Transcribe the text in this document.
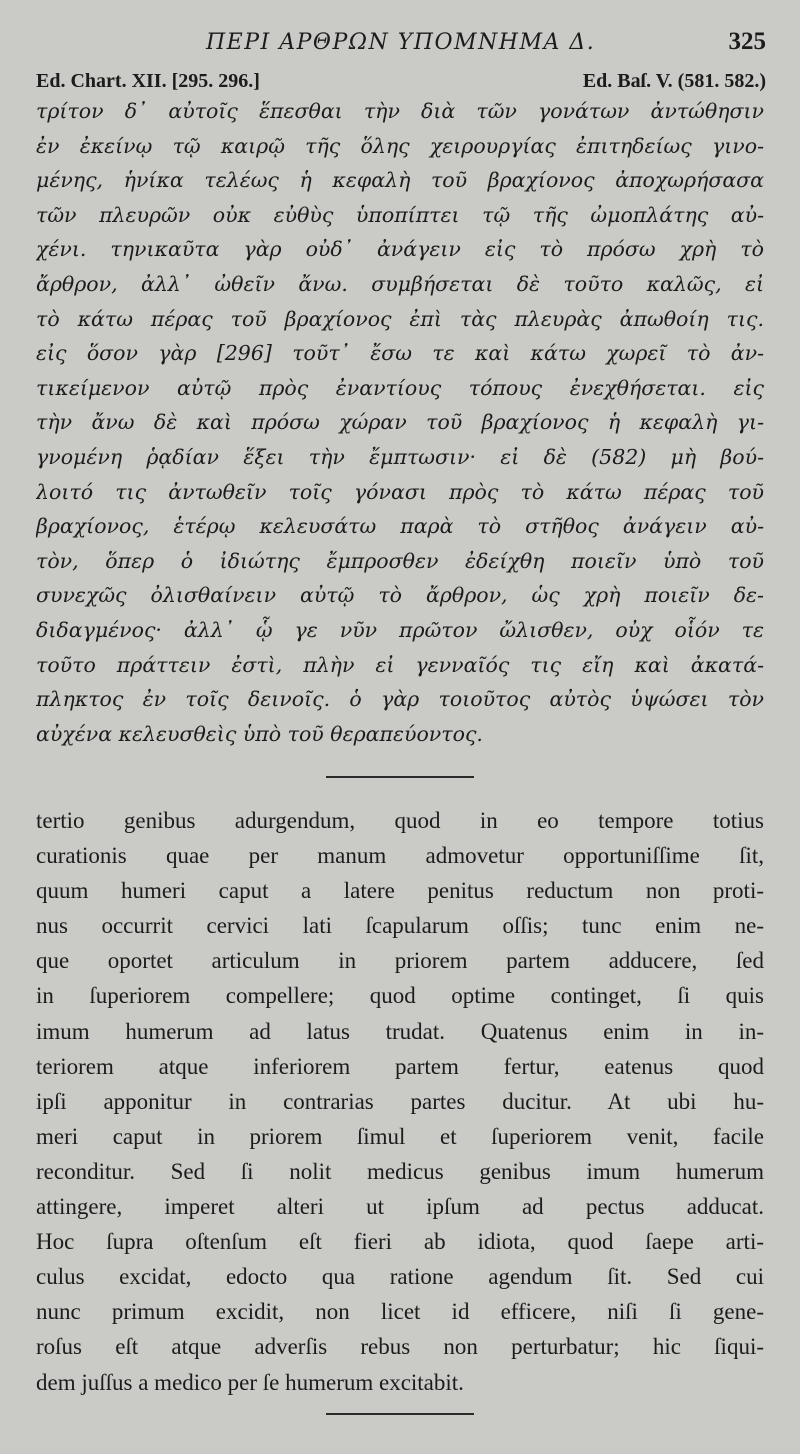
ΠΕΡΙ ΑΡΘΡΩΝ ΥΠΟΜΝΗΜΑ Δ.	325
Ed. Chart. XII. [295. 296.]	Ed. Baſ. V. (581. 582.)
τρίτον δ᾽ αὐτοῖς ἕπεσθαι τὴν διὰ τῶν γονάτων ἀντώθησιν
ἐν ἐκείνῳ τῷ καιρῷ τῆς ὅλης χειρουργίας ἐπιτηδείως γινο-
μένης, ἡνίκα τελέως ἡ κεφαλὴ τοῦ βραχίονος ἀποχωρήσασα
τῶν πλευρῶν οὐκ εὐθὺς ὑποπίπτει τῷ τῆς ὠμοπλάτης αὐ-
χένι. τηνικαῦτα γὰρ οὐδ᾽ ἀνάγειν εἰς τὸ πρόσω χρὴ τὸ
ἄρθρον, ἀλλ᾽ ὠθεῖν ἄνω. συμβήσεται δὲ τοῦτο καλῶς, εἰ
τὸ κάτω πέρας τοῦ βραχίονος ἐπὶ τὰς πλευρὰς ἀπωθοίη τις.
εἰς ὅσον γὰρ [296] τοῦτ᾽ ἔσω τε καὶ κάτω χωρεῖ τὸ ἀν-
τικείμενον αὐτῷ πρὸς ἐναντίους τόπους ἐνεχθήσεται. εἰς
τὴν ἄνω δὲ καὶ πρόσω χώραν τοῦ βραχίονος ἡ κεφαλὴ γι-
γνομένη ῥᾳδίαν ἕξει τὴν ἔμπτωσιν· εἰ δὲ (582) μὴ βού-
λοιτό τις ἀντωθεῖν τοῖς γόνασι πρὸς τὸ κάτω πέρας τοῦ
βραχίονος, ἑτέρῳ κελευσάτω παρὰ τὸ στῆθος ἀνάγειν αὐ-
τὸν, ὅπερ ὁ ἰδιώτης ἔμπροσθεν ἐδείχθη ποιεῖν ὑπὸ τοῦ
συνεχῶς ὀλισθαίνειν αὐτῷ τὸ ἄρθρον, ὡς χρὴ ποιεῖν δε-
διδαγμένος· ἀλλ᾽ ᾧ γε νῦν πρῶτον ὤλισθεν, οὐχ οἷόν τε
τοῦτο πράττειν ἐστὶ, πλὴν εἰ γενναῖός τις εἴη καὶ ἀκατά-
πληκτος ἐν τοῖς δεινοῖς. ὁ γὰρ τοιοῦτος αὐτὸς ὑψώσει τὸν
αὐχένα κελευσθεὶς ὑπὸ τοῦ θεραπεύοντος.
tertio genibus adurgendum, quod in eo tempore totius
curationis quae per manum admovetur opportuniſſime ſit,
quum humeri caput a latere penitus reductum non proti-
nus occurrit cervici lati ſcapularum oſſis; tunc enim ne-
que oportet articulum in priorem partem adducere, ſed
in ſuperiorem compellere; quod optime continget, ſi quis
imum humerum ad latus trudat. Quatenus enim in in-
teriorem atque inferiorem partem fertur, eatenus quod
ipſi apponitur in contrarias partes ducitur. At ubi hu-
meri caput in priorem ſimul et ſuperiorem venit, facile
reconditur. Sed ſi nolit medicus genibus imum humerum
attingere, imperet alteri ut ipſum ad pectus adducat.
Hoc ſupra oſtenſum eſt fieri ab idiota, quod ſaepe arti-
culus excidat, edocto qua ratione agendum ſit. Sed cui
nunc primum excidit, non licet id efficere, niſi ſi gene-
roſus eſt atque adverſis rebus non perturbatur; hic ſiqui-
dem juſſus a medico per ſe humerum excitabit.
